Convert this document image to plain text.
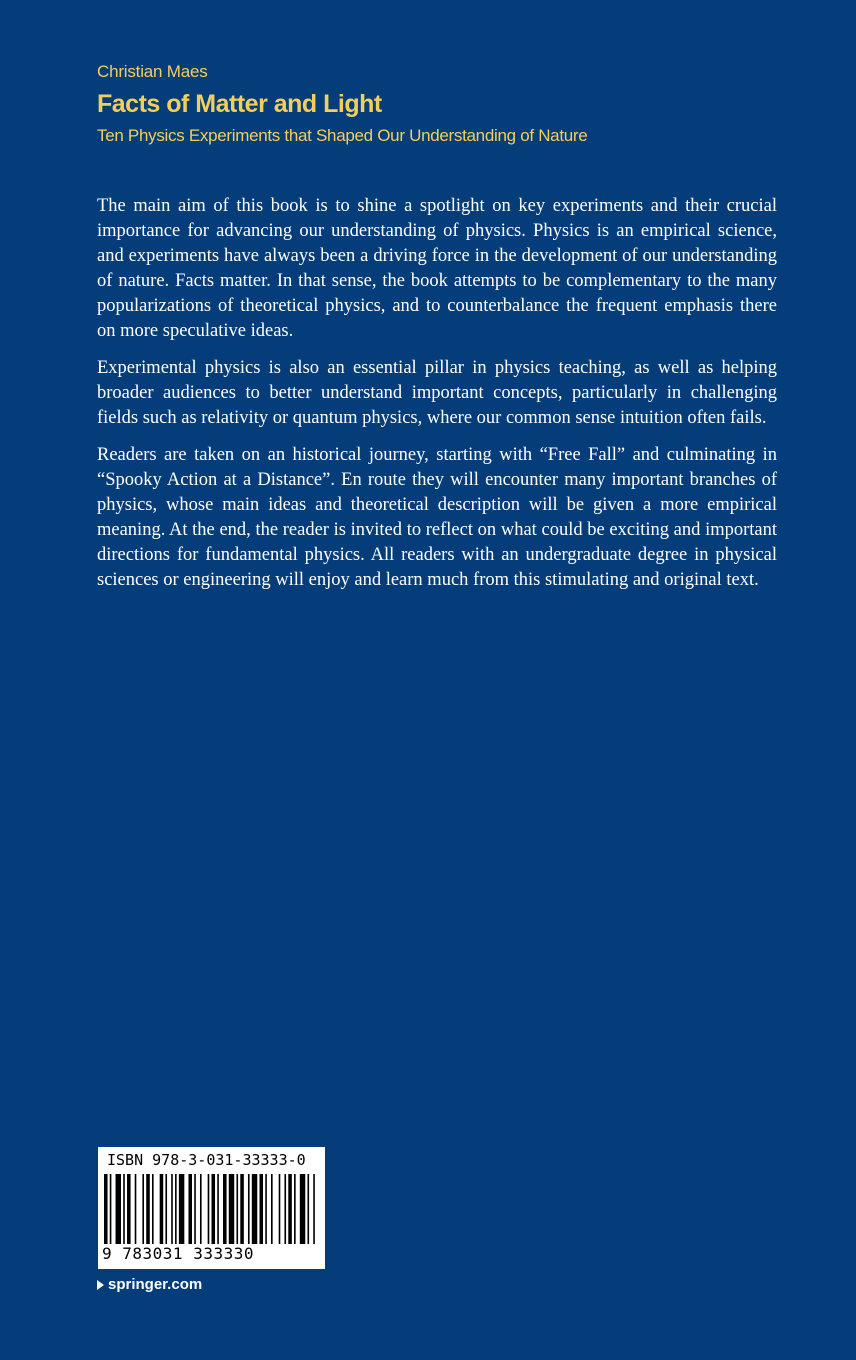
Christian Maes
Facts of Matter and Light
Ten Physics Experiments that Shaped Our Understanding of Nature

The main aim of this book is to shine a spotlight on key experiments and their crucial importance for advancing our understanding of physics. Physics is an empirical science, and experiments have always been a driving force in the development of our understanding of nature. Facts matter. In that sense, the book attempts to be complementary to the many popularizations of theoretical physics, and to counterbalance the frequent emphasis there on more speculative ideas.

Experimental physics is also an essential pillar in physics teaching, as well as helping broader audiences to better understand important concepts, particularly in challenging fields such as relativity or quantum physics, where our common sense intuition often fails.

Readers are taken on an historical journey, starting with “Free Fall” and culminating in “Spooky Action at a Distance”. En route they will encounter many important branches of physics, whose main ideas and theoretical description will be given a more empirical meaning. At the end, the reader is invited to reflect on what could be exciting and important directions for fundamental physics. All readers with an undergraduate degree in physical sciences or engineering will enjoy and learn much from this stimulating and original text.

ISBN 978-3-031-33333-0
9 783031 333330
springer.com
